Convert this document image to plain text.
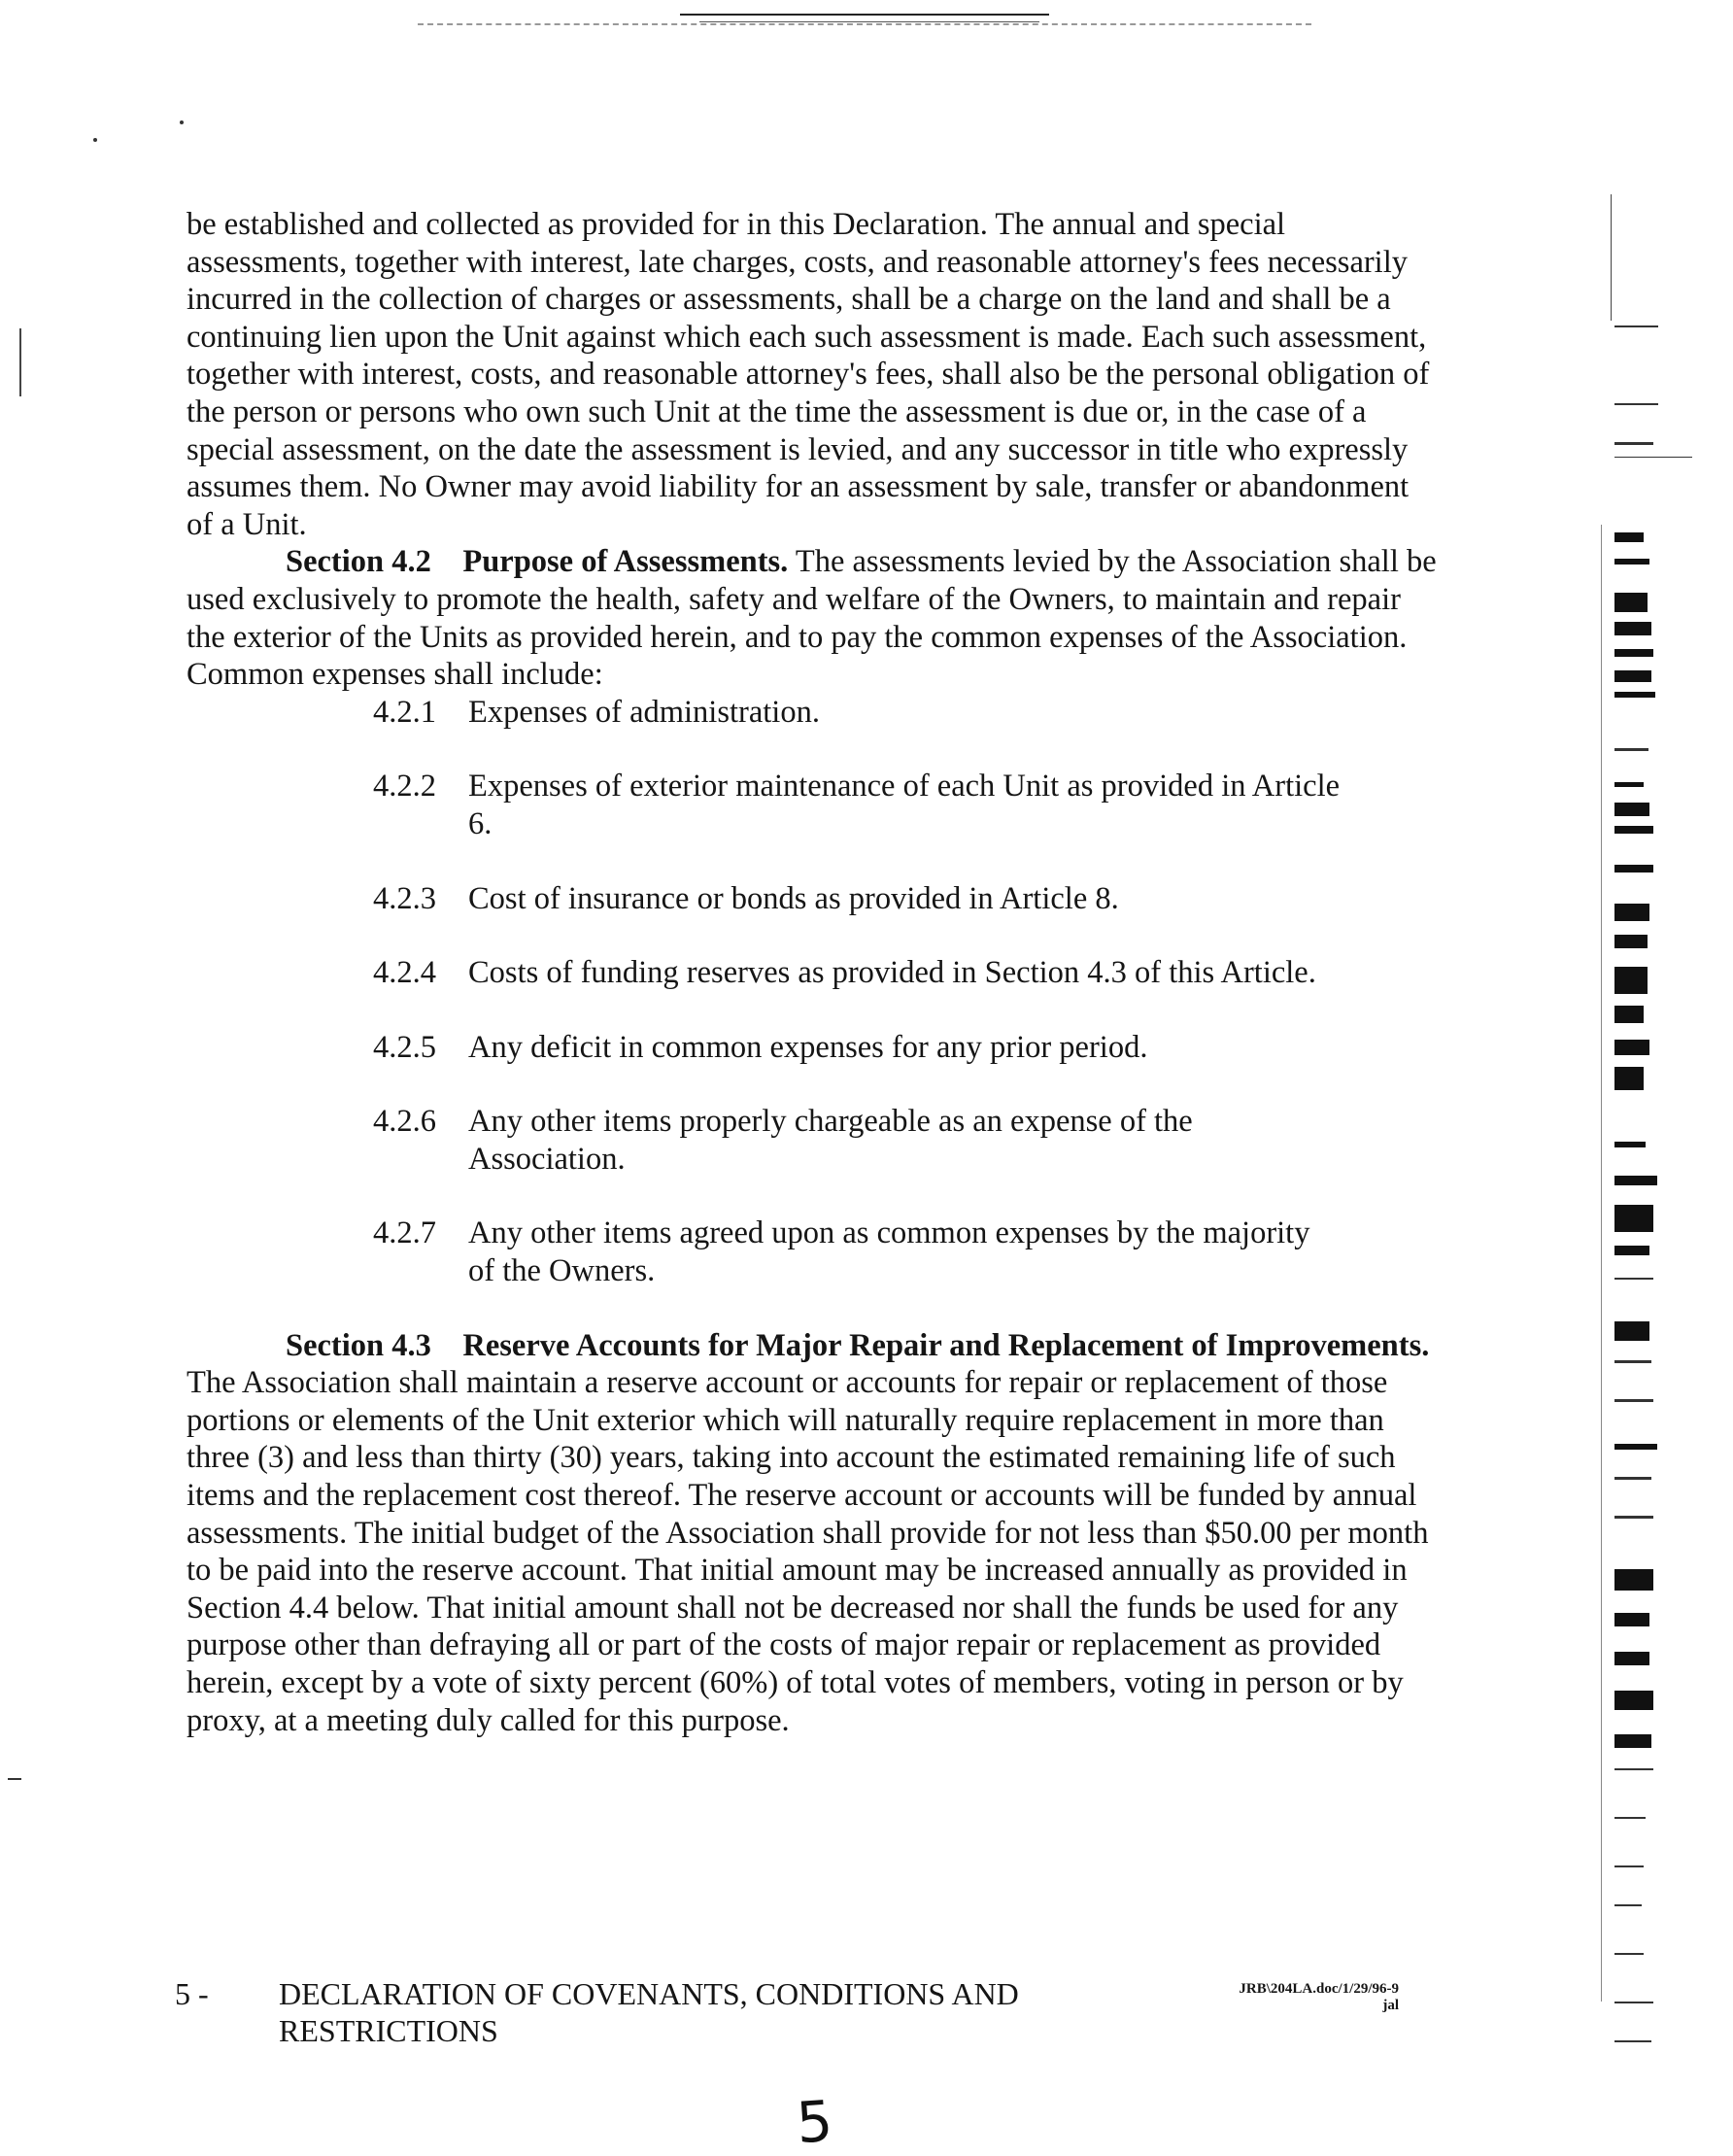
be established and collected as provided for in this Declaration. The annual and special assessments, together with interest, late charges, costs, and reasonable attorney's fees necessarily incurred in the collection of charges or assessments, shall be a charge on the land and shall be a continuing lien upon the Unit against which each such assessment is made. Each such assessment, together with interest, costs, and reasonable attorney's fees, shall also be the personal obligation of the person or persons who own such Unit at the time the assessment is due or, in the case of a special assessment, on the date the assessment is levied, and any successor in title who expressly assumes them. No Owner may avoid liability for an assessment by sale, transfer or abandonment of a Unit.

Section 4.2 Purpose of Assessments. The assessments levied by the Association shall be used exclusively to promote the health, safety and welfare of the Owners, to maintain and repair the exterior of the Units as provided herein, and to pay the common expenses of the Association. Common expenses shall include:

4.2.1	Expenses of administration.
4.2.2	Expenses of exterior maintenance of each Unit as provided in Article 6.
4.2.3	Cost of insurance or bonds as provided in Article 8.
4.2.4	Costs of funding reserves as provided in Section 4.3 of this Article.
4.2.5	Any deficit in common expenses for any prior period.
4.2.6	Any other items properly chargeable as an expense of the Association.
4.2.7	Any other items agreed upon as common expenses by the majority of the Owners.

Section 4.3 Reserve Accounts for Major Repair and Replacement of Improvements. The Association shall maintain a reserve account or accounts for repair or replacement of those portions or elements of the Unit exterior which will naturally require replacement in more than three (3) and less than thirty (30) years, taking into account the estimated remaining life of such items and the replacement cost thereof. The reserve account or accounts will be funded by annual assessments. The initial budget of the Association shall provide for not less than $50.00 per month to be paid into the reserve account. That initial amount may be increased annually as provided in Section 4.4 below. That initial amount shall not be decreased nor shall the funds be used for any purpose other than defraying all or part of the costs of major repair or replacement as provided herein, except by a vote of sixty percent (60%) of total votes of members, voting in person or by proxy, at a meeting duly called for this purpose.

5 - DECLARATION OF COVENANTS, CONDITIONS AND RESTRICTIONS
JRB\204LA.doc/1/29/96-9
jal
5
